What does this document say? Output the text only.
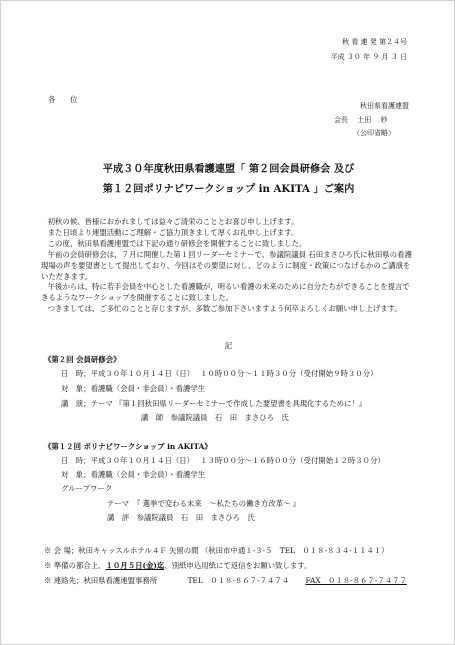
秋 看 連 発 第２４号
平成 ３０ 年 ９ 月 ３ 日
各　　位
秋田県看護連盟
会長　 土田　 妙
（公印省略）
平成３０年度秋田県看護連盟「 第２回会員研修会 及び
第１２回ポリナビワークショップ in AKITA 」ご案内

初秋の候、皆様におかれましては益々ご清栄のこととお喜び申し上げます。

また日頃より連盟活動にご理解・ご協力頂きまして厚くお礼申し上げます。

この度、秋田県看護連盟では下記の通り研修会を開催することに致しました。

午前の会員研修会は，７月に開催した第１回リーダーセミナーで、参議院議員 石田まさひろ氏に秋田県の看護現場の声を要望書として提出しており、今回はその要望に対し、どのように制度・政策につなげるかのご講演をいただきます。

午後からは、特に若手会員を中心とした看護職が，明るい看護の未来のために自分たちができることを提言できるようなワークショップを開催することに致しました。

つきましては、ご多忙のことと存じますが、多数ご参加下さいますよう何卒よろしくお願い申し上げます。

記
《第２回 会員研修会》
日　時；平成３０年１０月１４日（日）　 １０時００分～１１時３０分（受付開始９時３０分）
対　象；看護職（会員・非会員）・看護学生
講　演；テーマ 『第１回秋田県リーダーセミナーで作成した要望書を具現化するために！』
講　師　参議院議員　石　田　まさひろ　氏
《第１２回 ポリナビワークショップ in AKITA》
日　時；平成３０年１０月１４日（日）　 １３時００分～１６時００分（受付開始１２時３０分）
対　象；看護職（会員・非会員）・看護学生
グループワーク
テーマ　『 選挙で変わる未来　～私たちの働き方改革～ 』
講　評　参議院議員　石　田　まさひろ　氏
※ 会 場；秋田キャッスルホテル４Ｆ 矢留の間 （秋田市中通１-３-５　TEL　０１８-８３４-１１４１）
※ 準備の都合上、１０月５日(金)迄、別紙申込用紙にて返信をお願い致します。
※ 連絡先；秋田県看護連盟事務所	TEL　０１８-８６７-７４７４ FAX　０１８-８６７-７４７７
